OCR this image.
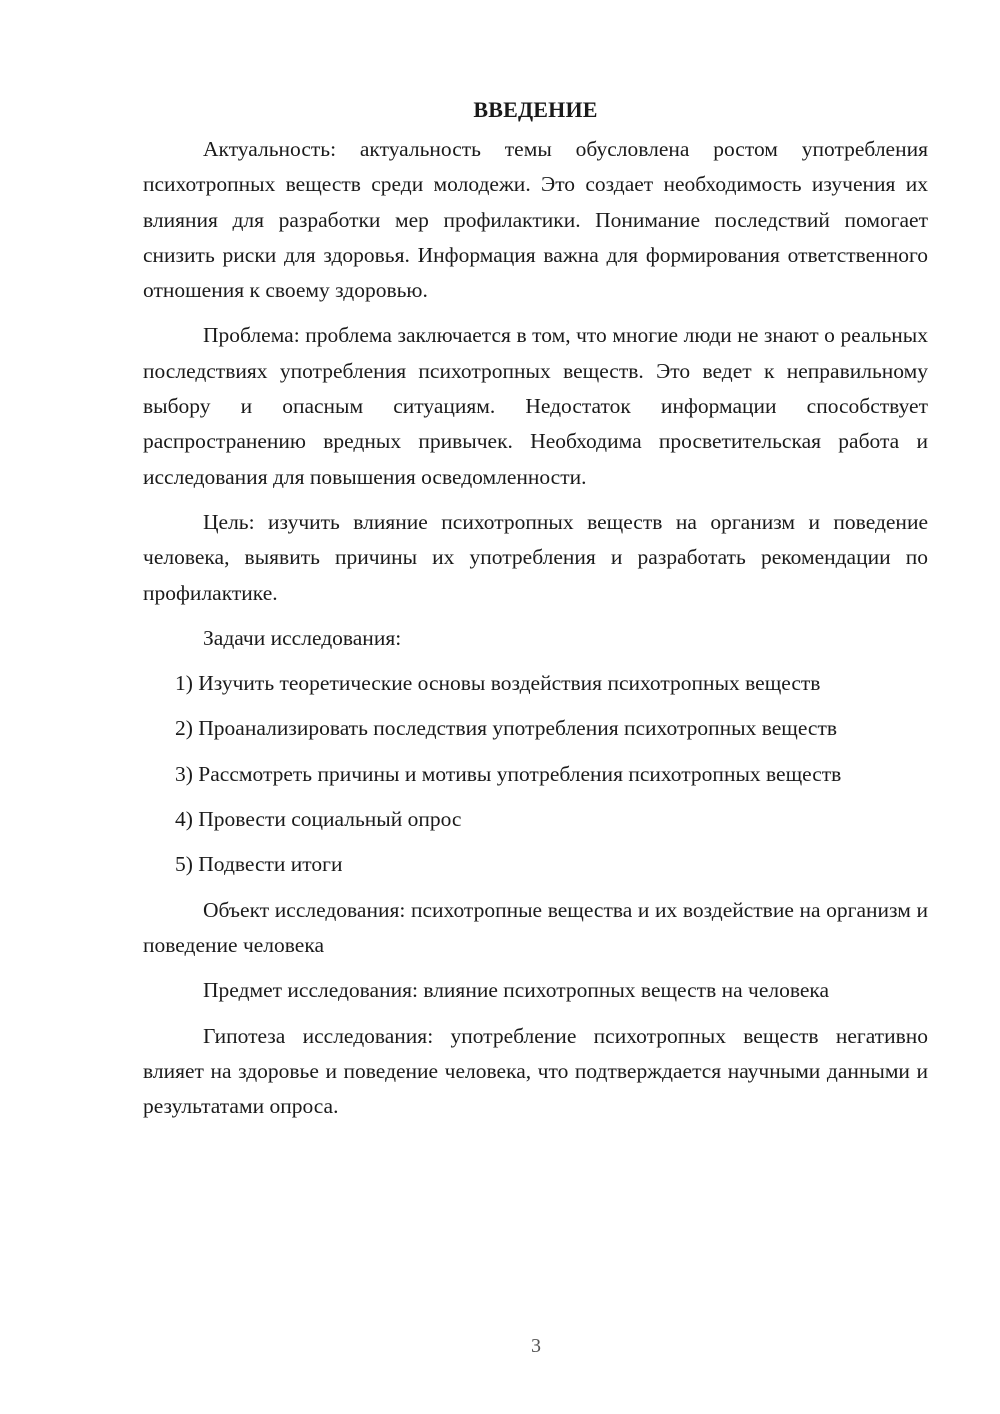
ВВЕДЕНИЕ

Актуальность: актуальность темы обусловлена ростом употребления психотропных веществ среди молодежи. Это создает необходимость изучения их влияния для разработки мер профилактики. Понимание последствий помогает снизить риски для здоровья. Информация важна для формирования ответственного отношения к своему здоровью.

Проблема: проблема заключается в том, что многие люди не знают о реальных последствиях употребления психотропных веществ. Это ведет к неправильному выбору и опасным ситуациям. Недостаток информации способствует распространению вредных привычек. Необходима просветительская работа и исследования для повышения осведомленности.

Цель: изучить влияние психотропных веществ на организм и поведение человека, выявить причины их употребления и разработать рекомендации по профилактике.

Задачи исследования:

1) Изучить теоретические основы воздействия психотропных веществ

2) Проанализировать последствия употребления психотропных веществ

3) Рассмотреть причины и мотивы употребления психотропных веществ

4) Провести социальный опрос

5) Подвести итоги

Объект исследования: психотропные вещества и их воздействие на организм и поведение человека

Предмет исследования: влияние психотропных веществ на человека

Гипотеза исследования: употребление психотропных веществ негативно влияет на здоровье и поведение человека, что подтверждается научными данными и результатами опроса.

3
